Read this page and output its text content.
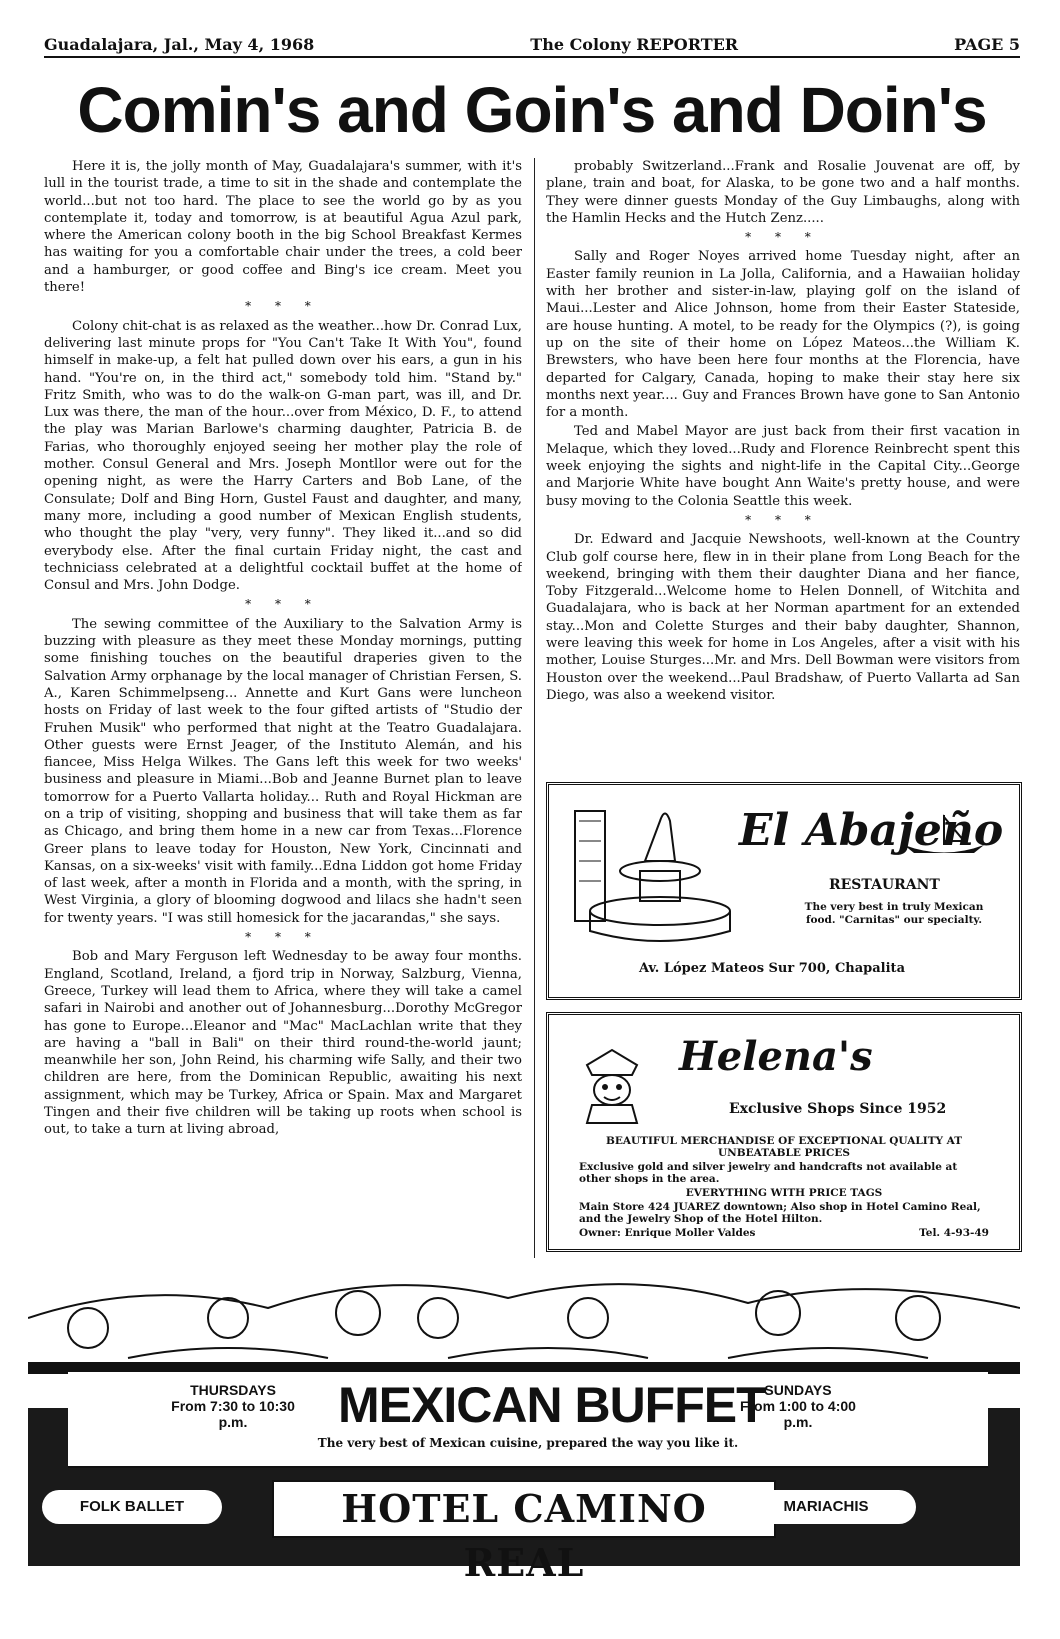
Guadalajara, Jal., May 4, 1968	The Colony REPORTER	PAGE 5
Comin's and Goin's and Doin's

Here it is, the jolly month of May, Guadalajara's summer, with it's lull in the tourist trade, a time to sit in the shade and contemplate the world...but not too hard. The place to see the world go by as you contemplate it, today and tomorrow, is at beautiful Agua Azul park, where the American colony booth in the big School Breakfast Kermes has waiting for you a comfortable chair under the trees, a cold beer and a hamburger, or good coffee and Bing's ice cream. Meet you there!

* * *

Colony chit-chat is as relaxed as the weather...how Dr. Conrad Lux, delivering last minute props for "You Can't Take It With You", found himself in make-up, a felt hat pulled down over his ears, a gun in his hand. "You're on, in the third act," somebody told him. "Stand by." Fritz Smith, who was to do the walk-on G-man part, was ill, and Dr. Lux was there, the man of the hour...over from México, D. F., to attend the play was Marian Barlowe's charming daughter, Patricia B. de Farias, who thoroughly enjoyed seeing her mother play the role of mother. Consul General and Mrs. Joseph Montllor were out for the opening night, as were the Harry Carters and Bob Lane, of the Consulate; Dolf and Bing Horn, Gustel Faust and daughter, and many, many more, including a good number of Mexican English students, who thought the play "very, very funny". They liked it...and so did everybody else. After the final curtain Friday night, the cast and techniciass celebrated at a delightful cocktail buffet at the home of Consul and Mrs. John Dodge.

* * *

The sewing committee of the Auxiliary to the Salvation Army is buzzing with pleasure as they meet these Monday mornings, putting some finishing touches on the beautiful draperies given to the Salvation Army orphanage by the local manager of Christian Fersen, S. A., Karen Schimmelpseng... Annette and Kurt Gans were luncheon hosts on Friday of last week to the four gifted artists of "Studio der Fruhen Musik" who performed that night at the Teatro Guadalajara. Other guests were Ernst Jeager, of the Instituto Alemán, and his fiancee, Miss Helga Wilkes. The Gans left this week for two weeks' business and pleasure in Miami...Bob and Jeanne Burnet plan to leave tomorrow for a Puerto Vallarta holiday... Ruth and Royal Hickman are on a trip of visiting, shopping and business that will take them as far as Chicago, and bring them home in a new car from Texas...Florence Greer plans to leave today for Houston, New York, Cincinnati and Kansas, on a six-weeks' visit with family...Edna Liddon got home Friday of last week, after a month in Florida and a month, with the spring, in West Virginia, a glory of blooming dogwood and lilacs she hadn't seen for twenty years. "I was still homesick for the jacarandas," she says.

* * *

Bob and Mary Ferguson left Wednesday to be away four months. England, Scotland, Ireland, a fjord trip in Norway, Salzburg, Vienna, Greece, Turkey will lead them to Africa, where they will take a camel safari in Nairobi and another out of Johannesburg...Dorothy McGregor has gone to Europe...Eleanor and "Mac" MacLachlan write that they are having a "ball in Bali" on their third round-the-world jaunt; meanwhile her son, John Reind, his charming wife Sally, and their two children are here, from the Dominican Republic, awaiting his next assignment, which may be Turkey, Africa or Spain. Max and Margaret Tingen and their five children will be taking up roots when school is out, to take a turn at living abroad,

probably Switzerland...Frank and Rosalie Jouvenat are off, by plane, train and boat, for Alaska, to be gone two and a half months. They were dinner guests Monday of the Guy Limbaughs, along with the Hamlin Hecks and the Hutch Zenz.....

* * *

Sally and Roger Noyes arrived home Tuesday night, after an Easter family reunion in La Jolla, California, and a Hawaiian holiday with her brother and sister-in-law, playing golf on the island of Maui...Lester and Alice Johnson, home from their Easter Stateside, are house hunting. A motel, to be ready for the Olympics (?), is going up on the site of their home on López Mateos...the William K. Brewsters, who have been here four months at the Florencia, have departed for Calgary, Canada, hoping to make their stay here six months next year.... Guy and Frances Brown have gone to San Antonio for a month.

Ted and Mabel Mayor are just back from their first vacation in Melaque, which they loved...Rudy and Florence Reinbrecht spent this week enjoying the sights and night-life in the Capital City...George and Marjorie White have bought Ann Waite's pretty house, and were busy moving to the Colonia Seattle this week.

* * *

Dr. Edward and Jacquie Newshoots, well-known at the Country Club golf course here, flew in in their plane from Long Beach for the weekend, bringing with them their daughter Diana and her fiance, Toby Fitzgerald...Welcome home to Helen Donnell, of Witchita and Guadalajara, who is back at her Norman apartment for an extended stay...Mon and Colette Sturges and their baby daughter, Shannon, were leaving this week for home in Los Angeles, after a visit with his mother, Louise Sturges...Mr. and Mrs. Dell Bowman were visitors from Houston over the weekend...Paul Bradshaw, of Puerto Vallarta ad San Diego, was also a weekend visitor.

El Abajeño
RESTAURANT
The very best in truly Mexican food. "Carnitas" our specialty.
Av. López Mateos Sur 700, Chapalita
Helena's
Exclusive Shops Since 1952
BEAUTIFUL MERCHANDISE OF EXCEPTIONAL QUALITY AT UNBEATABLE PRICES
Exclusive gold and silver jewelry and handcrafts not available at other shops in the area.
EVERYTHING WITH PRICE TAGS
Main Store 424 JUAREZ downtown; Also shop in Hotel Camino Real, and the Jewelry Shop of the Hotel Hilton.
Owner: Enrique Moller Valdes	Tel. 4-93-49
THURSDAYS
From 7:30 to 10:30 p.m.	MEXICAN BUFFET
SUNDAYS
From 1:00 to 4:00 p.m.
The very best of Mexican cuisine, prepared the way you like it.
FOLK BALLET	HOTEL CAMINO REAL
MARIACHIS
